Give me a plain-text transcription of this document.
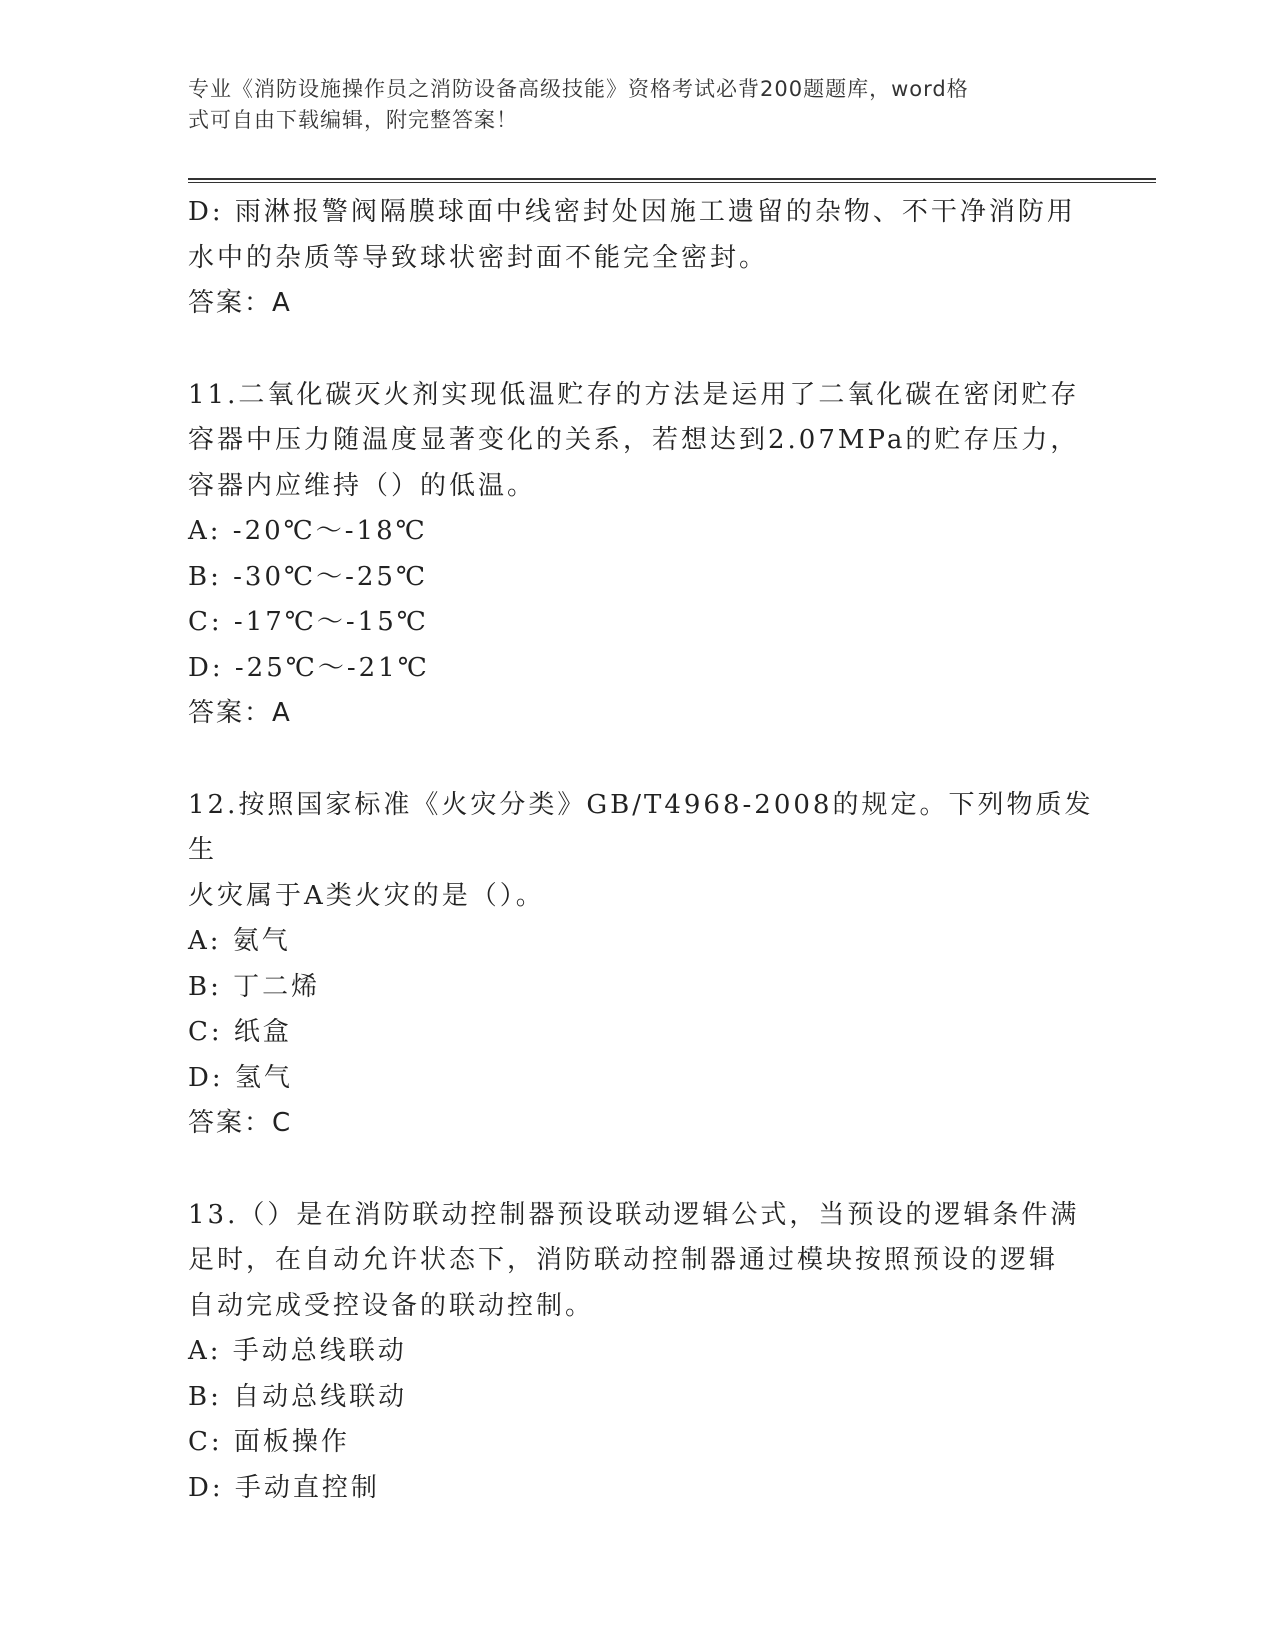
专业《消防设施操作员之消防设备高级技能》资格考试必背200题题库，word格
式可自由下载编辑，附完整答案！

D: 雨淋报警阀隔膜球面中线密封处因施工遗留的杂物、不干净消防用

水中的杂质等导致球状密封面不能完全密封。

答案：A

11.二氧化碳灭火剂实现低温贮存的方法是运用了二氧化碳在密闭贮存

容器中压力随温度显著变化的关系，若想达到2.07MPa的贮存压力，

容器内应维持（）的低温。

A: -20℃～-18℃

B: -30℃～-25℃

C: -17℃～-15℃

D: -25℃～-21℃

答案：A

12.按照国家标准《火灾分类》GB/T4968-2008的规定。下列物质发生

火灾属于A类火灾的是（）。

A: 氨气

B: 丁二烯

C: 纸盒

D: 氢气

答案：C

13.（）是在消防联动控制器预设联动逻辑公式，当预设的逻辑条件满

足时，在自动允许状态下，消防联动控制器通过模块按照预设的逻辑

自动完成受控设备的联动控制。

A: 手动总线联动

B: 自动总线联动

C: 面板操作

D: 手动直控制
